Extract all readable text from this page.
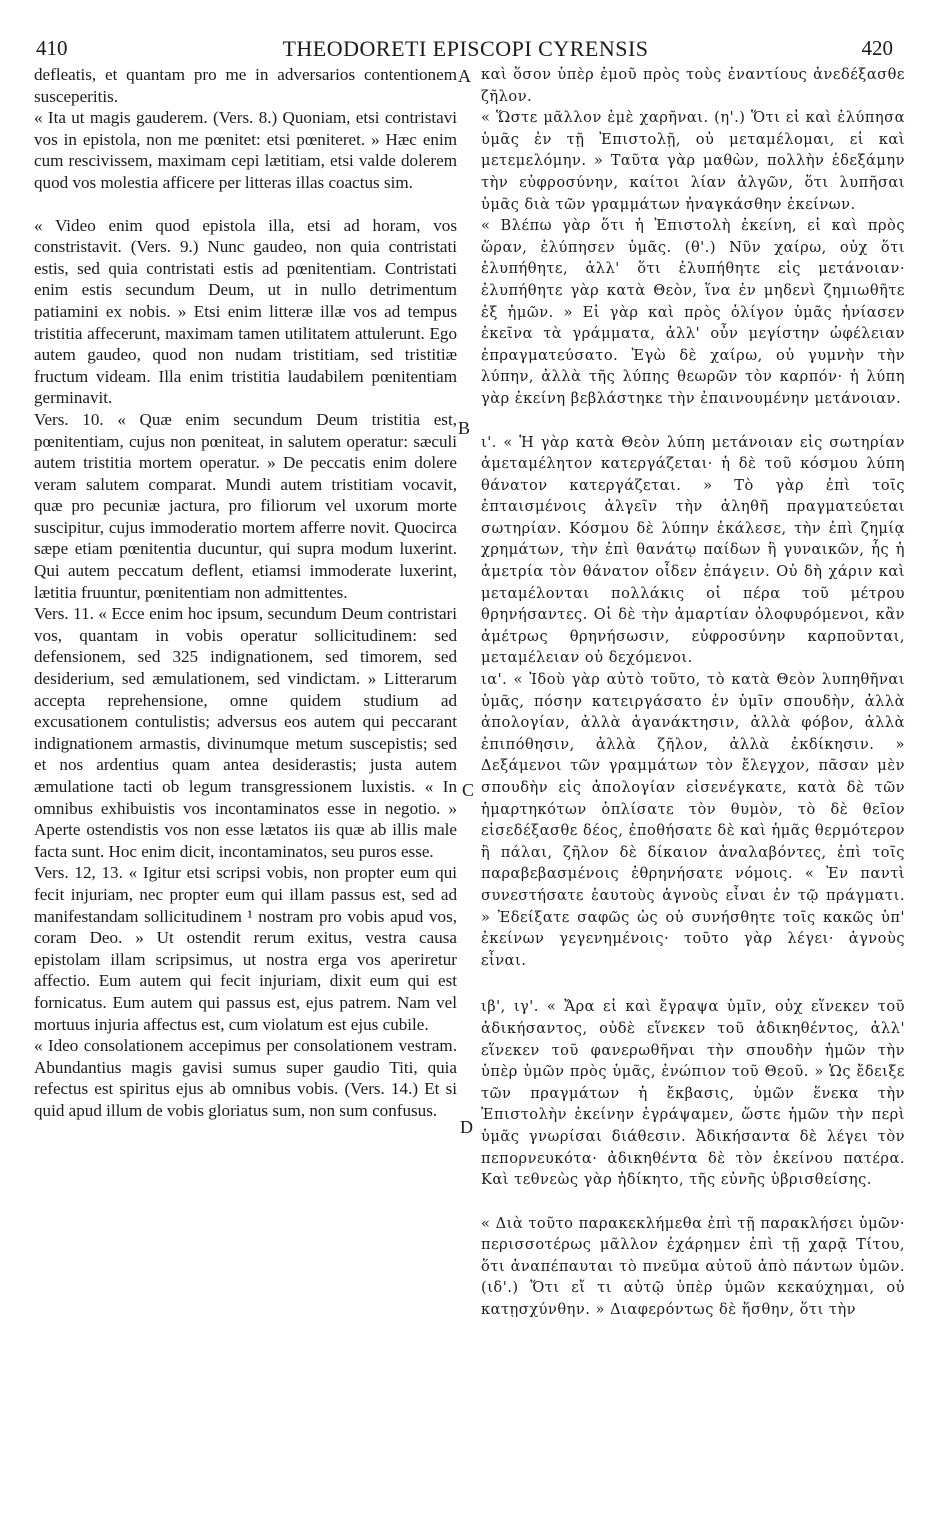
410	THEODORETI EPISCOPI CYRENSIS	420

defleatis, et quantam pro me in adversarios contentionem susceperitis.

« Ita ut magis gauderem. (Vers. 8.) Quoniam, etsi contristavi vos in epistola, non me pœnitet: etsi pœniteret. » Hæc enim cum rescivissem, maximam cepi lætitiam, etsi valde dolerem quod vos molestia afficere per litteras illas coactus sim.

« Video enim quod epistola illa, etsi ad horam, vos constristavit. (Vers. 9.) Nunc gaudeo, non quia contristati estis, sed quia contristati estis ad pœnitentiam. Contristati enim estis secundum Deum, ut in nullo detrimentum patiamini ex nobis. » Etsi enim litteræ illæ vos ad tempus tristitia affecerunt, maximam tamen utilitatem attulerunt. Ego autem gaudeo, quod non nudam tristitiam, sed tristitiæ fructum videam. Illa enim tristitia laudabilem pœnitentiam germinavit.

Vers. 10. « Quæ enim secundum Deum tristitia est, pœnitentiam, cujus non pœniteat, in salutem operatur: sæculi autem tristitia mortem operatur. » De peccatis enim dolere veram salutem comparat. Mundi autem tristitiam vocavit, quæ pro pecuniæ jactura, pro filiorum vel uxorum morte suscipitur, cujus immoderatio mortem afferre novit. Quocirca sæpe etiam pœnitentia ducuntur, qui supra modum luxerint. Qui autem peccatum deflent, etiamsi immoderate luxerint, lætitia fruuntur, pœnitentiam non admittentes.

Vers. 11. « Ecce enim hoc ipsum, secundum Deum contristari vos, quantam in vobis operatur sollicitudinem: sed defensionem, sed 325 indignationem, sed timorem, sed desiderium, sed æmulationem, sed vindictam. » Litterarum accepta reprehensione, omne quidem studium ad excusationem contulistis; adversus eos autem qui peccarant indignationem armastis, divinumque metum suscepistis; sed et nos ardentius quam antea desiderastis; justa autem æmulatione tacti ob legum transgressionem luxistis. « In omnibus exhibuistis vos incontaminatos esse in negotio. » Aperte ostendistis vos non esse lætatos iis quæ ab illis male facta sunt. Hoc enim dicit, incontaminatos, seu puros esse.

Vers. 12, 13. « Igitur etsi scripsi vobis, non propter eum qui fecit injuriam, nec propter eum qui illam passus est, sed ad manifestandam sollicitudinem ¹ nostram pro vobis apud vos, coram Deo. » Ut ostendit rerum exitus, vestra causa epistolam illam scripsimus, ut nostra erga vos aperiretur affectio. Eum autem qui fecit injuriam, dixit eum qui est fornicatus. Eum autem qui passus est, ejus patrem. Nam vel mortuus injuria affectus est, cum violatum est ejus cubile.

« Ideo consolationem accepimus per consolationem vestram. Abundantius magis gavisi sumus super gaudio Titi, quia refectus est spiritus ejus ab omnibus vobis. (Vers. 14.) Et si quid apud illum de vobis gloriatus sum, non sum confusus.

A
B
C
D

καὶ ὅσον ὑπὲρ ἐμοῦ πρὸς τοὺς ἐναντίους ἀνεδέξασθε ζῆλον.

« Ὥστε μᾶλλον ἐμὲ χαρῆναι. (η'.) Ὅτι εἰ καὶ ἐλύπησα ὑμᾶς ἐν τῇ Ἐπιστολῇ, οὐ μεταμέλομαι, εἰ καὶ μετεμελόμην. » Ταῦτα γὰρ μαθὼν, πολλὴν ἐδεξάμην τὴν εὐφροσύνην, καίτοι λίαν ἀλγῶν, ὅτι λυπῆσαι ὑμᾶς διὰ τῶν γραμμάτων ἠναγκάσθην ἐκείνων.

« Βλέπω γὰρ ὅτι ἡ Ἐπιστολὴ ἐκείνη, εἰ καὶ πρὸς ὥραν, ἐλύπησεν ὑμᾶς. (θ'.) Νῦν χαίρω, οὐχ ὅτι ἐλυπήθητε, ἀλλ' ὅτι ἐλυπήθητε εἰς μετάνοιαν· ἐλυπήθητε γὰρ κατὰ Θεὸν, ἵνα ἐν μηδενὶ ζημιωθῆτε ἐξ ἡμῶν. » Εἰ γὰρ καὶ πρὸς ὀλίγον ὑμᾶς ἠνίασεν ἐκεῖνα τὰ γράμματα, ἀλλ' οὖν μεγίστην ὠφέλειαν ἐπραγματεύσατο. Ἐγὼ δὲ χαίρω, οὐ γυμνὴν τὴν λύπην, ἀλλὰ τῆς λύπης θεωρῶν τὸν καρπόν· ἡ λύπη γὰρ ἐκείνη βεβλάστηκε τὴν ἐπαινουμένην μετάνοιαν.

ι'. « Ἡ γὰρ κατὰ Θεὸν λύπη μετάνοιαν εἰς σωτηρίαν ἀμεταμέλητον κατεργάζεται· ἡ δὲ τοῦ κόσμου λύπη θάνατον κατεργάζεται. » Τὸ γὰρ ἐπὶ τοῖς ἐπταισμένοις ἀλγεῖν τὴν ἀληθῆ πραγματεύεται σωτηρίαν. Κόσμου δὲ λύπην ἐκάλεσε, τὴν ἐπὶ ζημίᾳ χρημάτων, τὴν ἐπὶ θανάτῳ παίδων ἢ γυναικῶν, ἧς ἡ ἀμετρία τὸν θάνατον οἶδεν ἐπάγειν. Οὐ δὴ χάριν καὶ μεταμέλονται πολλάκις οἱ πέρα τοῦ μέτρου θρηνήσαντες. Οἱ δὲ τὴν ἁμαρτίαν ὀλοφυρόμενοι, κἂν ἀμέτρως θρηνήσωσιν, εὐφροσύνην καρποῦνται, μεταμέλειαν οὐ δεχόμενοι.

ια'. « Ἰδοὺ γὰρ αὐτὸ τοῦτο, τὸ κατὰ Θεὸν λυπηθῆναι ὑμᾶς, πόσην κατειργάσατο ἐν ὑμῖν σπουδὴν, ἀλλὰ ἀπολογίαν, ἀλλὰ ἀγανάκτησιν, ἀλλὰ φόβον, ἀλλὰ ἐπιπόθησιν, ἀλλὰ ζῆλον, ἀλλὰ ἐκδίκησιν. » Δεξάμενοι τῶν γραμμάτων τὸν ἔλεγχον, πᾶσαν μὲν σπουδὴν εἰς ἀπολογίαν εἰσενέγκατε, κατὰ δὲ τῶν ἡμαρτηκότων ὁπλίσατε τὸν θυμὸν, τὸ δὲ θεῖον εἰσεδέξασθε δέος, ἐποθήσατε δὲ καὶ ἡμᾶς θερμότερον ἢ πάλαι, ζῆλον δὲ δίκαιον ἀναλαβόντες, ἐπὶ τοῖς παραβεβασμένοις ἐθρηνήσατε νόμοις. « Ἐν παντὶ συνεστήσατε ἑαυτοὺς ἁγνοὺς εἶναι ἐν τῷ πράγματι. » Ἐδείξατε σαφῶς ὡς οὐ συνήσθητε τοῖς κακῶς ὑπ' ἐκείνων γεγενημένοις· τοῦτο γὰρ λέγει· ἁγνοὺς εἶναι.

ιβ', ιγ'. « Ἄρα εἰ καὶ ἔγραψα ὑμῖν, οὐχ εἵνεκεν τοῦ ἀδικήσαντος, οὐδὲ εἵνεκεν τοῦ ἀδικηθέντος, ἀλλ' εἵνεκεν τοῦ φανερωθῆναι τὴν σπουδὴν ἡμῶν τὴν ὑπὲρ ὑμῶν πρὸς ὑμᾶς, ἐνώπιον τοῦ Θεοῦ. » Ὡς ἔδειξε τῶν πραγμάτων ἡ ἔκβασις, ὑμῶν ἕνεκα τὴν Ἐπιστολὴν ἐκείνην ἐγράψαμεν, ὥστε ἡμῶν τὴν περὶ ὑμᾶς γνωρίσαι διάθεσιν. Ἀδικήσαντα δὲ λέγει τὸν πεπορνευκότα· ἀδικηθέντα δὲ τὸν ἐκείνου πατέρα. Καὶ τεθνεὼς γὰρ ἠδίκητο, τῆς εὐνῆς ὑβρισθείσης.

« Διὰ τοῦτο παρακεκλήμεθα ἐπὶ τῇ παρακλήσει ὑμῶν· περισσοτέρως μᾶλλον ἐχάρημεν ἐπὶ τῇ χαρᾷ Τίτου, ὅτι ἀναπέπαυται τὸ πνεῦμα αὐτοῦ ἀπὸ πάντων ὑμῶν. (ιδ'.) Ὅτι εἴ τι αὐτῷ ὑπὲρ ὑμῶν κεκαύχημαι, οὐ κατῃσχύνθην. » Διαφερόντως δὲ ἥσθην, ὅτι τὴν
